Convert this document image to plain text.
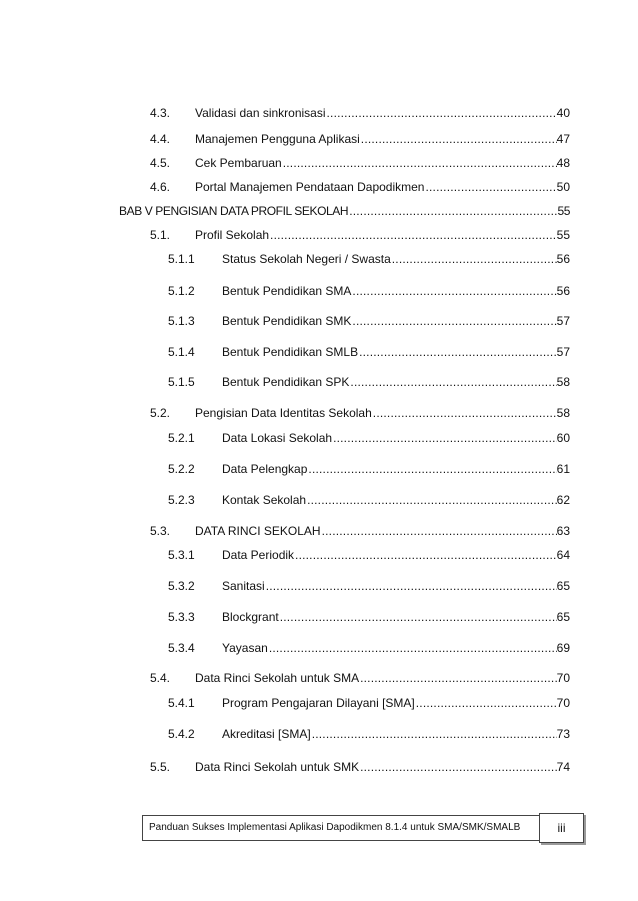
4.3.	Validasi dan sinkronisasi .....	40
4.4.	Manajemen Pengguna Aplikasi .....	47
4.5.	Cek Pembaruan .....	48
4.6.	Portal Manajemen Pendataan Dapodikmen .....	50
BAB V PENGISIAN DATA PROFIL SEKOLAH .....	55
5.1.	Profil Sekolah .....	55
5.1.1	Status Sekolah Negeri / Swasta .....	56
5.1.2	Bentuk Pendidikan SMA .....	56
5.1.3	Bentuk Pendidikan SMK .....	57
5.1.4	Bentuk Pendidikan SMLB .....	57
5.1.5	Bentuk Pendidikan SPK .....	58
5.2.	Pengisian Data Identitas Sekolah .....	58
5.2.1	Data Lokasi Sekolah .....	60
5.2.2	Data Pelengkap .....	61
5.2.3	Kontak Sekolah .....	62
5.3.	DATA RINCI SEKOLAH .....	63
5.3.1	Data Periodik .....	64
5.3.2	Sanitasi .....	65
5.3.3	Blockgrant .....	65
5.3.4	Yayasan .....	69
5.4.	Data Rinci Sekolah untuk SMA .....	70
5.4.1	Program Pengajaran Dilayani [SMA] .....	70
5.4.2	Akreditasi [SMA] .....	73
5.5.	Data Rinci Sekolah untuk SMK .....	74
Panduan Sukses Implementasi Aplikasi Dapodikmen 8.1.4 untuk SMA/SMK/SMALB	iii
